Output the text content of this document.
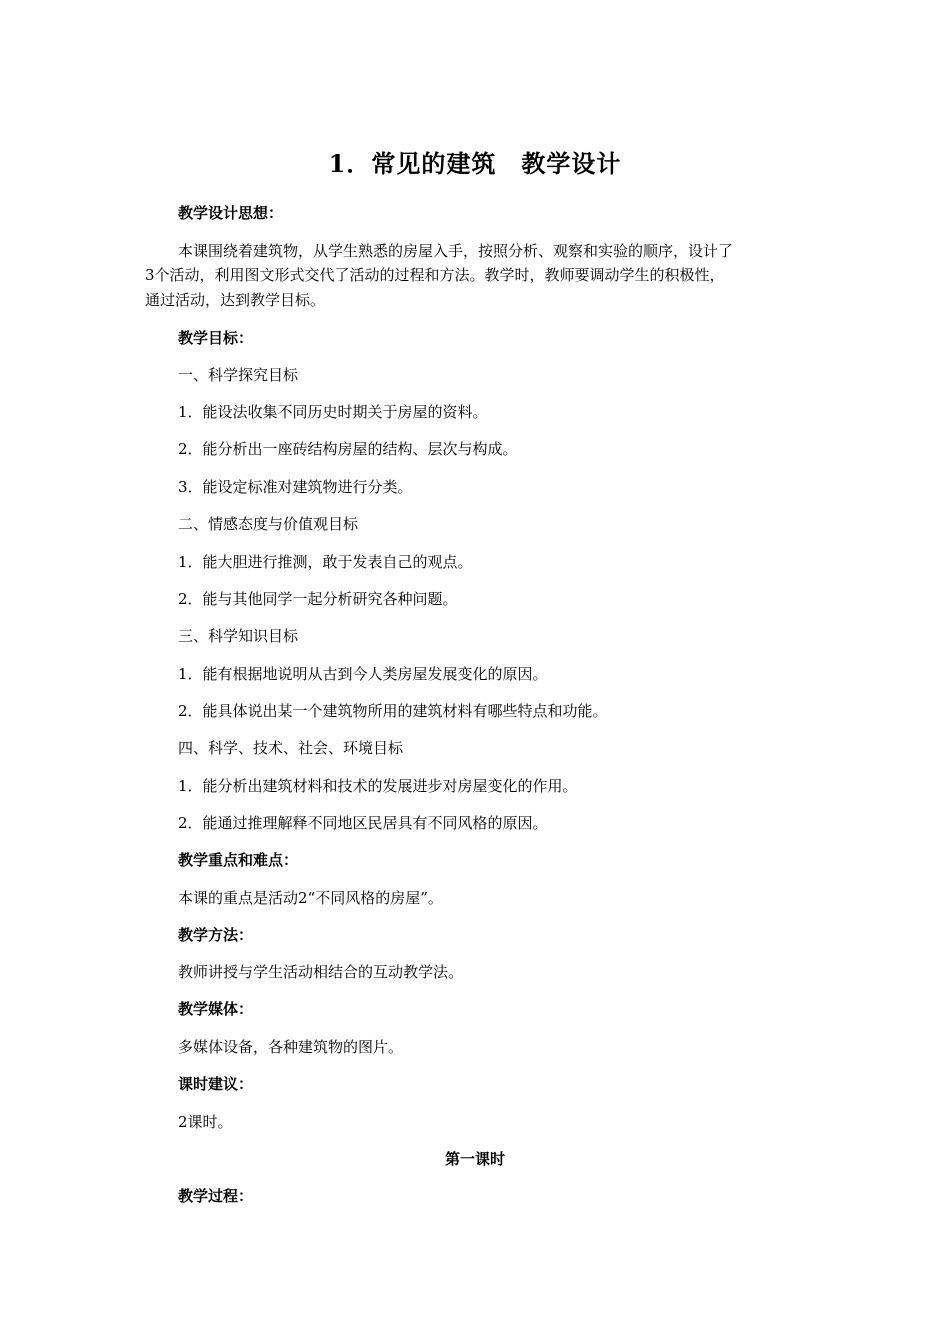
1．常见的建筑　教学设计
教学设计思想：
本课围绕着建筑物，从学生熟悉的房屋入手，按照分析、观察和实验的顺序，设计了
3个活动，利用图文形式交代了活动的过程和方法。教学时，教师要调动学生的积极性，
通过活动，达到教学目标。
教学目标：
一、科学探究目标
1．能设法收集不同历史时期关于房屋的资料。
2．能分析出一座砖结构房屋的结构、层次与构成。
3．能设定标准对建筑物进行分类。
二、情感态度与价值观目标
1．能大胆进行推测，敢于发表自己的观点。
2．能与其他同学一起分析研究各种问题。
三、科学知识目标
1．能有根据地说明从古到今人类房屋发展变化的原因。
2．能具体说出某一个建筑物所用的建筑材料有哪些特点和功能。
四、科学、技术、社会、环境目标
1．能分析出建筑材料和技术的发展进步对房屋变化的作用。
2．能通过推理解释不同地区民居具有不同风格的原因。
教学重点和难点：
本课的重点是活动2“不同风格的房屋”。
教学方法：
教师讲授与学生活动相结合的互动教学法。
教学媒体：
多媒体设备，各种建筑物的图片。
课时建议：
2课时。
第一课时
教学过程：
